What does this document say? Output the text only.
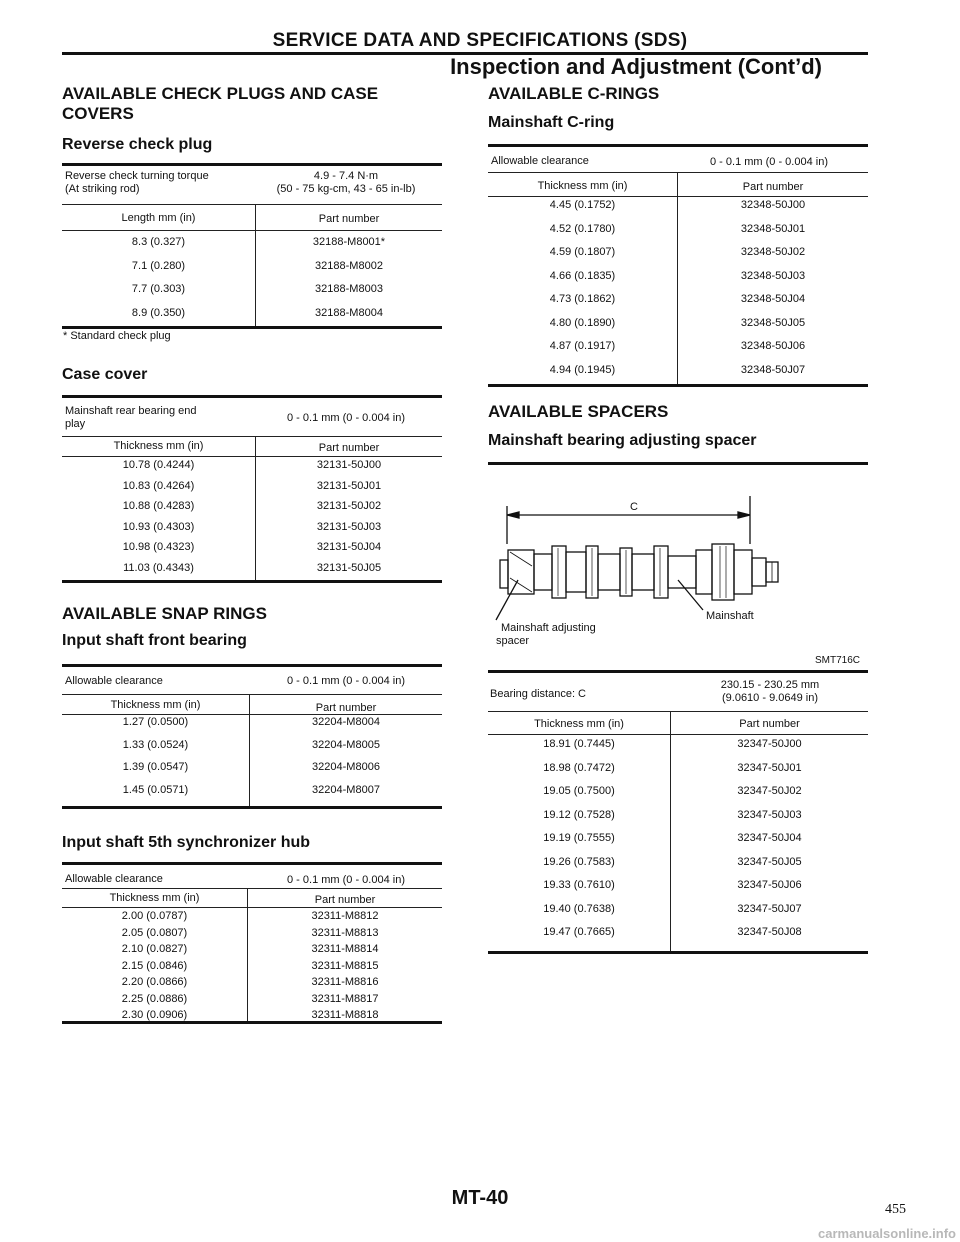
SERVICE DATA AND SPECIFICATIONS (SDS)
Inspection and Adjustment (Cont’d)
AVAILABLE CHECK PLUGS AND CASE
COVERS
Reverse check plug
Reverse check turning torque
(At striking rod)
4.9 - 7.4 N·m
(50 - 75 kg-cm, 43 - 65 in-lb)
Length mm (in)	Part number
8.3 (0.327)	32188-M8001*
7.1 (0.280)	32188-M8002
7.7 (0.303)	32188-M8003
8.9 (0.350)	32188-M8004
* Standard check plug
Case cover
Mainshaft rear bearing end
play	0 - 0.1 mm (0 - 0.004 in)
Thickness mm (in)	Part number
10.78 (0.4244)	32131-50J00
10.83 (0.4264)	32131-50J01
10.88 (0.4283)	32131-50J02
10.93 (0.4303)	32131-50J03
10.98 (0.4323)	32131-50J04
11.03 (0.4343)	32131-50J05
AVAILABLE SNAP RINGS
Input shaft front bearing
Allowable clearance	0 - 0.1 mm (0 - 0.004 in)
Thickness mm (in)	Part number
1.27 (0.0500)	32204-M8004
1.33 (0.0524)	32204-M8005
1.39 (0.0547)	32204-M8006
1.45 (0.0571)	32204-M8007
Input shaft 5th synchronizer hub
Allowable clearance	0 - 0.1 mm (0 - 0.004 in)
Thickness mm (in)	Part number
2.00 (0.0787)	32311-M8812
2.05 (0.0807)	32311-M8813
2.10 (0.0827)	32311-M8814
2.15 (0.0846)	32311-M8815
2.20 (0.0866)	32311-M8816
2.25 (0.0886)	32311-M8817
2.30 (0.0906)	32311-M8818
AVAILABLE C-RINGS
Mainshaft C-ring
Allowable clearance	0 - 0.1 mm (0 - 0.004 in)
Thickness mm (in)	Part number
4.45 (0.1752)	32348-50J00
4.52 (0.1780)	32348-50J01
4.59 (0.1807)	32348-50J02
4.66 (0.1835)	32348-50J03
4.73 (0.1862)	32348-50J04
4.80 (0.1890)	32348-50J05
4.87 (0.1917)	32348-50J06
4.94 (0.1945)	32348-50J07
AVAILABLE SPACERS
Mainshaft bearing adjusting spacer
C
Mainshaft adjusting
spacer
Mainshaft
SMT716C
Bearing distance: C
230.15 - 230.25 mm
(9.0610 - 9.0649 in)
Thickness mm (in)	Part number
18.91 (0.7445)	32347-50J00
18.98 (0.7472)	32347-50J01
19.05 (0.7500)	32347-50J02
19.12 (0.7528)	32347-50J03
19.19 (0.7555)	32347-50J04
19.26 (0.7583)	32347-50J05
19.33 (0.7610)	32347-50J06
19.40 (0.7638)	32347-50J07
19.47 (0.7665)	32347-50J08
MT-40
455
carmanualsonline.info
